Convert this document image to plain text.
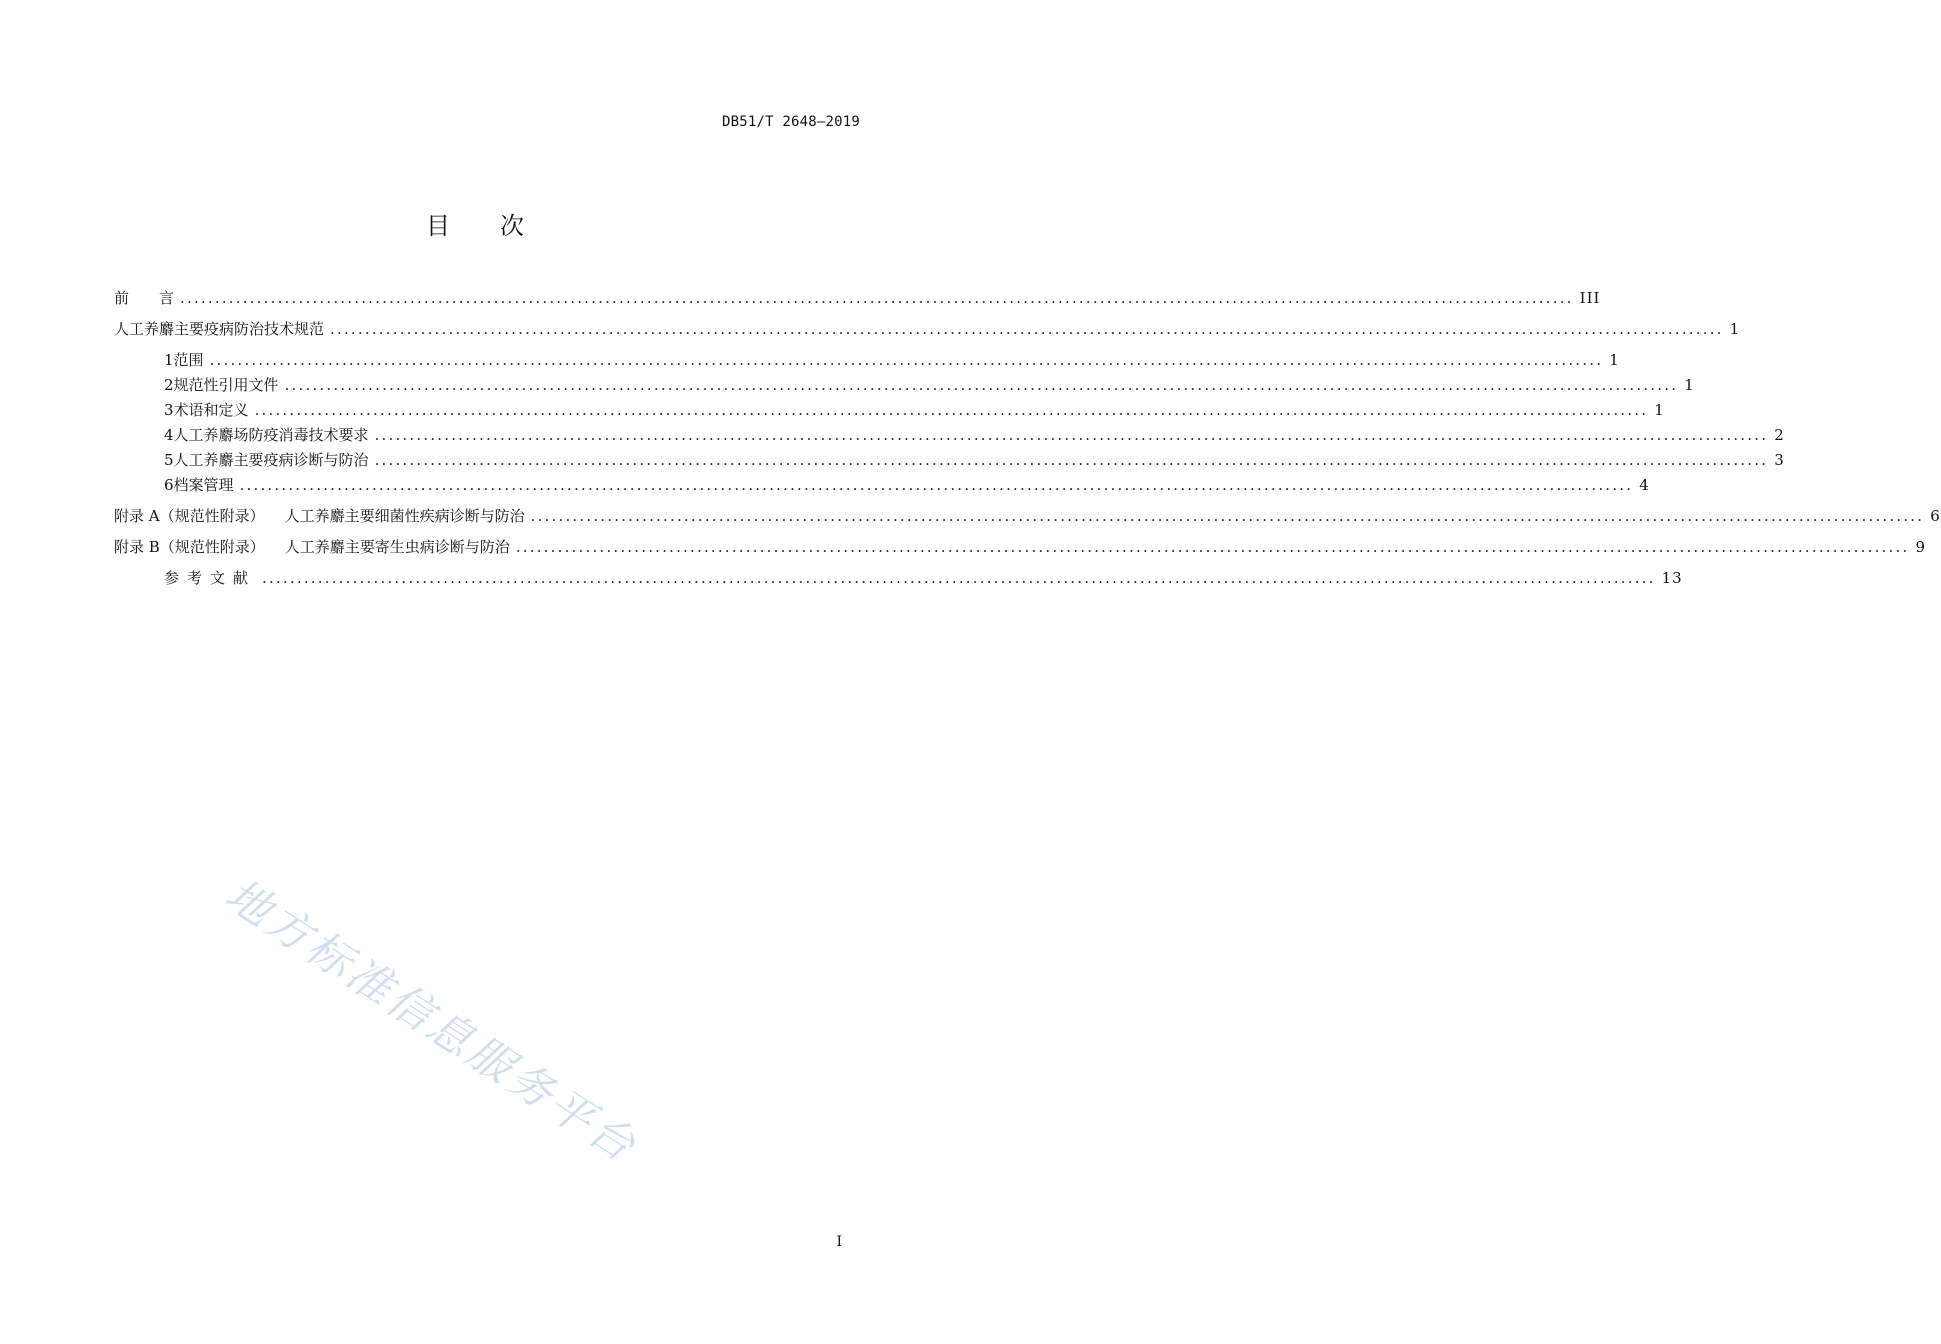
DB51/T 2648—2019
目 次
前 言 ........................................................................................................................................................................................................ III
人工养麝主要疫病防治技术规范 ........................................................................................................................................................................................................ 1
1 范围 ........................................................................................................................................................................................................ 1
2 规范性引用文件 ........................................................................................................................................................................................................ 1
3 术语和定义 ........................................................................................................................................................................................................ 1
4 人工养麝场防疫消毒技术要求 ........................................................................................................................................................................................................ 2
5 人工养麝主要疫病诊断与防治 ........................................................................................................................................................................................................ 3
6 档案管理 ........................................................................................................................................................................................................ 4
附录 A（规范性附录） 人工养麝主要细菌性疾病诊断与防治 ........................................................................................................................................................................................................ 6
附录 B（规范性附录） 人工养麝主要寄生虫病诊断与防治 ........................................................................................................................................................................................................ 9
参考文献 ........................................................................................................................................................................................................ 13
地方标准信息服务平台
I
